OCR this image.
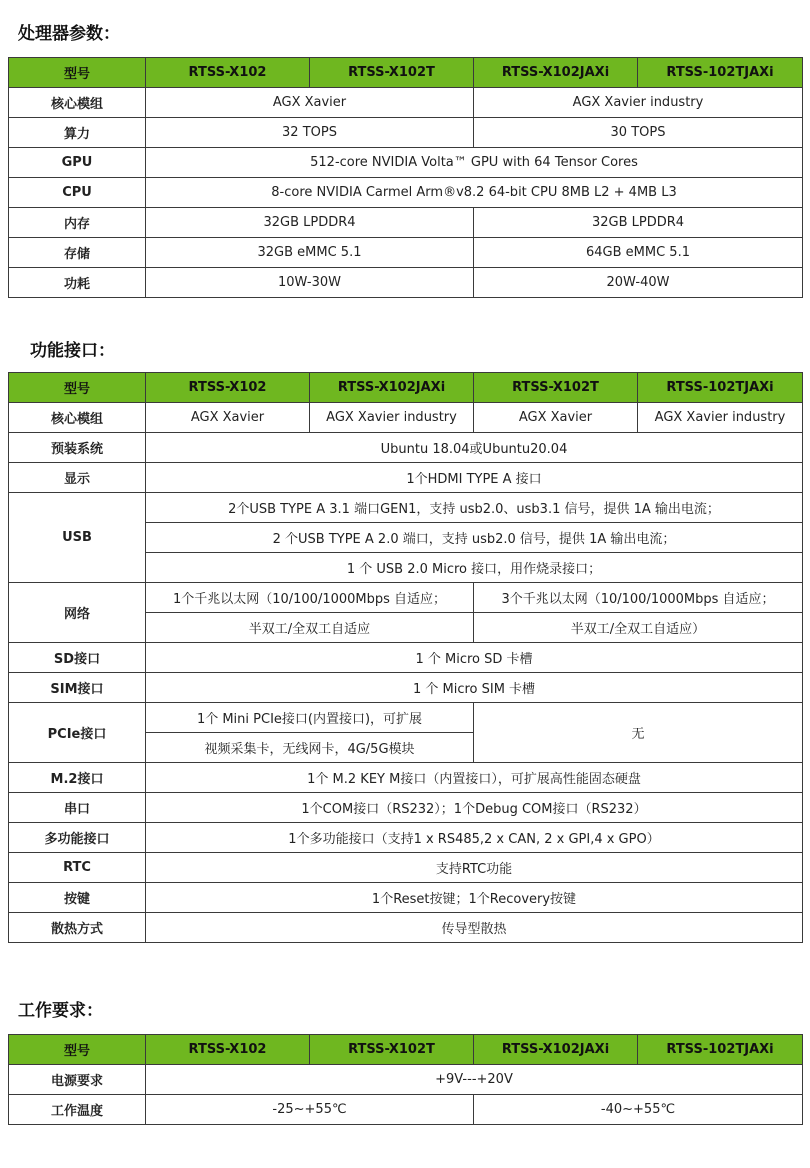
处理器参数：
型号	RTSS-X102	RTSS-X102T	RTSS-X102JAXi	RTSS-102TJAXi
核心模组	AGX Xavier		AGX Xavier industry	
算力	32 TOPS		30 TOPS	
GPU	512-core NVIDIA Volta™ GPU with 64 Tensor Cores			
CPU	8-core NVIDIA Carmel Arm®v8.2 64-bit CPU 8MB L2 + 4MB L3			
内存	32GB LPDDR4		32GB LPDDR4	
存储	32GB eMMC 5.1		64GB eMMC 5.1	
功耗	10W-30W		20W-40W	
功能接口：
型号	RTSS-X102	RTSS-X102JAXi	RTSS-X102T	RTSS-102TJAXi
核心模组	AGX Xavier	AGX Xavier industry	AGX Xavier	AGX Xavier industry
预装系统	Ubuntu 18.04或Ubuntu20.04			
显示	1个HDMI TYPE A 接口			
USB	2个USB TYPE A 3.1 端口GEN1，支持 usb2.0、usb3.1 信号，提供 1A 输出电流；			
	2 个USB TYPE A 2.0 端口，支持 usb2.0 信号，提供 1A 输出电流；			
	1 个 USB 2.0 Micro 接口，用作烧录接口；			
网络	1个千兆以太网（10/100/1000Mbps 自适应；		3个千兆以太网（10/100/1000Mbps 自适应；	
	半双工/全双工自适应		半双工/全双工自适应）	
SD接口	1 个 Micro SD 卡槽			
SIM接口	1 个 Micro SIM 卡槽			
PCIe接口	1个 Mini PCIe接口(内置接口)，可扩展		无	
	视频采集卡，无线网卡，4G/5G模块			
M.2接口	1个 M.2 KEY M接口（内置接口），可扩展高性能固态硬盘			
串口	1个COM接口（RS232）；1个Debug COM接口（RS232）			
多功能接口	1个多功能接口（支持1 x RS485,2 x CAN, 2 x GPI,4 x GPO）			
RTC	支持RTC功能			
按键	1个Reset按键；1个Recovery按键			
散热方式	传导型散热			
工作要求：
型号	RTSS-X102	RTSS-X102T	RTSS-X102JAXi	RTSS-102TJAXi
电源要求	+9V---+20V			
工作温度	-25~+55℃		-40~+55℃	
